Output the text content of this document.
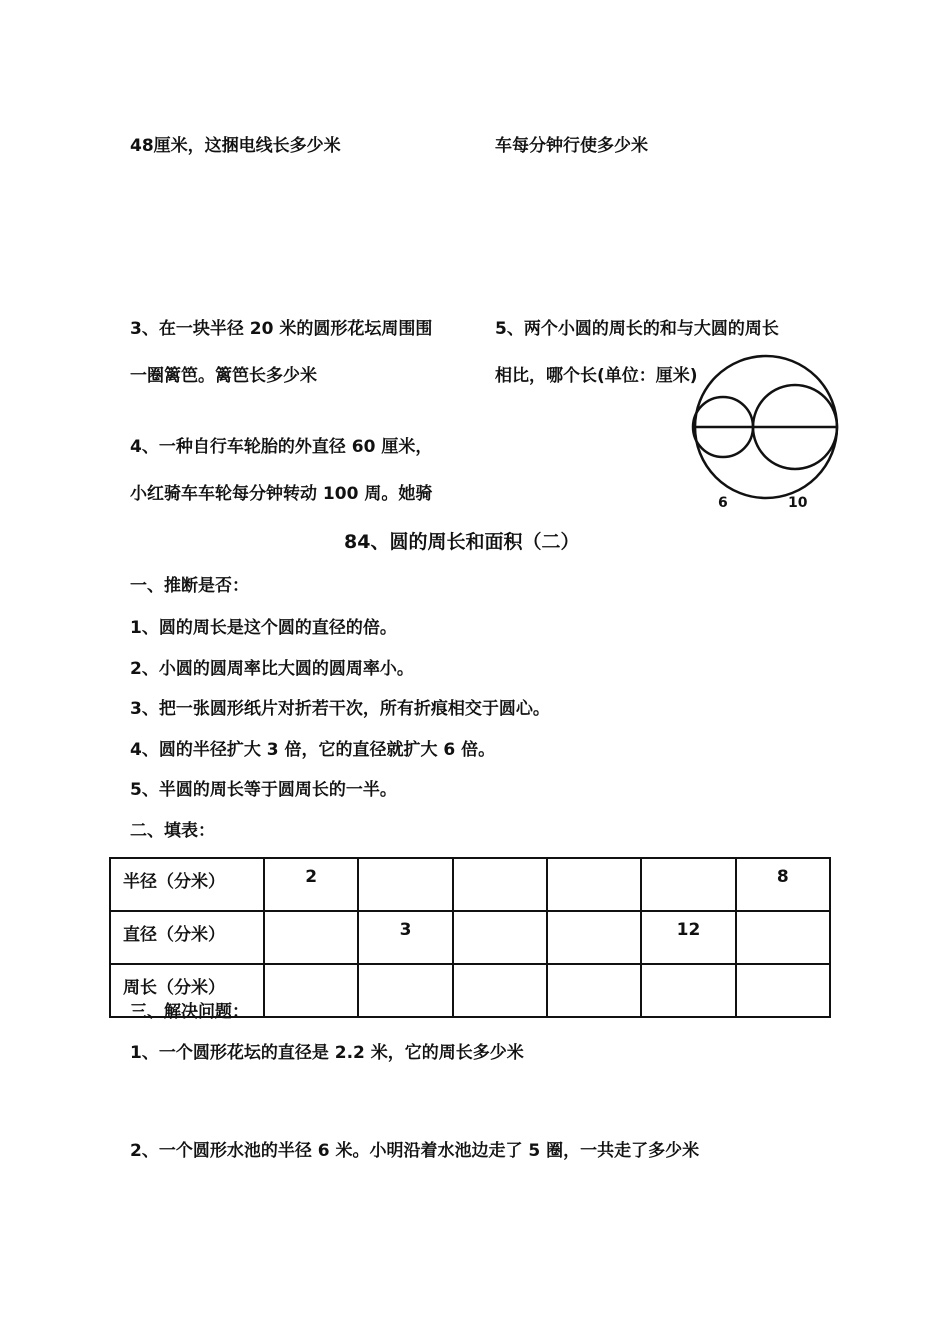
48厘米，这捆电线长多少米	车每分钟行使多少米
3、在一块半径 20 米的圆形花坛周围围
一圈篱笆。篱笆长多少米
5、两个小圆的周长的和与大圆的周长
相比，哪个长(单位：厘米)
4、一种自行车轮胎的外直径 60 厘米，
小红骑车车轮每分钟转动 100 周。她骑	6	10
84、圆的周长和面积（二）
一、推断是否：
1、圆的周长是这个圆的直径的倍。
2、小圆的圆周率比大圆的圆周率小。
3、把一张圆形纸片对折若干次，所有折痕相交于圆心。
4、圆的半径扩大 3 倍，它的直径就扩大 6 倍。
5、半圆的周长等于圆周长的一半。
二、填表：
半径（分米）	2					8
直径（分米）		3			12	
周长（分米）						
三、解决问题：
1、一个圆形花坛的直径是 2.2 米，它的周长多少米
2、一个圆形水池的半径 6 米。小明沿着水池边走了 5 圈，一共走了多少米
